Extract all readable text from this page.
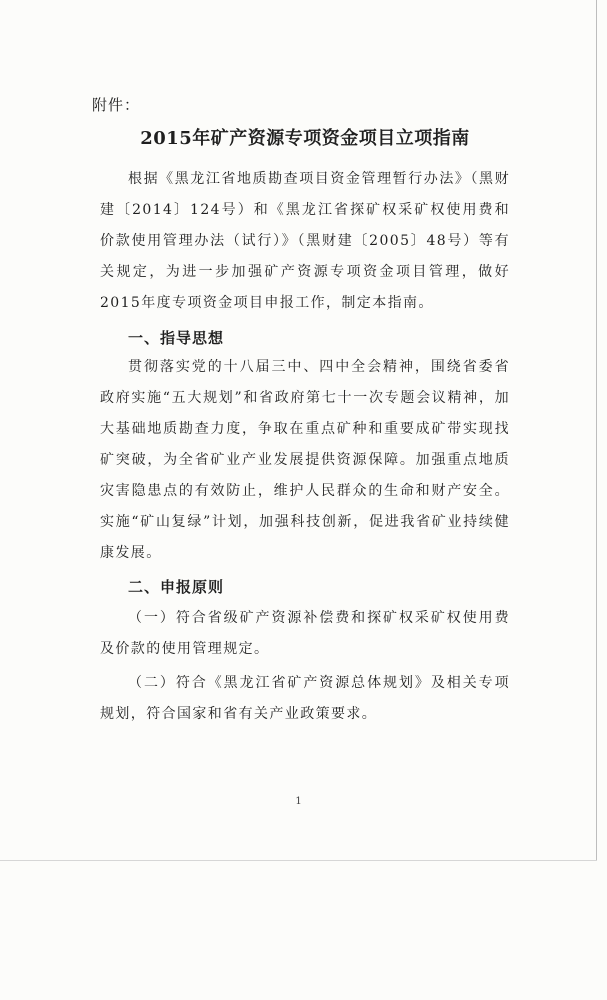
附件：
2015年矿产资源专项资金项目立项指南

根据《黑龙江省地质勘查项目资金管理暂行办法》（黑财建〔2014〕124号）和《黑龙江省探矿权采矿权使用费和价款使用管理办法（试行）》（黑财建〔2005〕48号）等有关规定，为进一步加强矿产资源专项资金项目管理，做好2015年度专项资金项目申报工作，制定本指南。

一、指导思想

贯彻落实党的十八届三中、四中全会精神，围绕省委省政府实施“五大规划”和省政府第七十一次专题会议精神，加大基础地质勘查力度，争取在重点矿种和重要成矿带实现找矿突破，为全省矿业产业发展提供资源保障。加强重点地质灾害隐患点的有效防止，维护人民群众的生命和财产安全。实施“矿山复绿”计划，加强科技创新，促进我省矿业持续健康发展。

二、申报原则

（一）符合省级矿产资源补偿费和探矿权采矿权使用费及价款的使用管理规定。

（二）符合《黑龙江省矿产资源总体规划》及相关专项规划，符合国家和省有关产业政策要求。

1
